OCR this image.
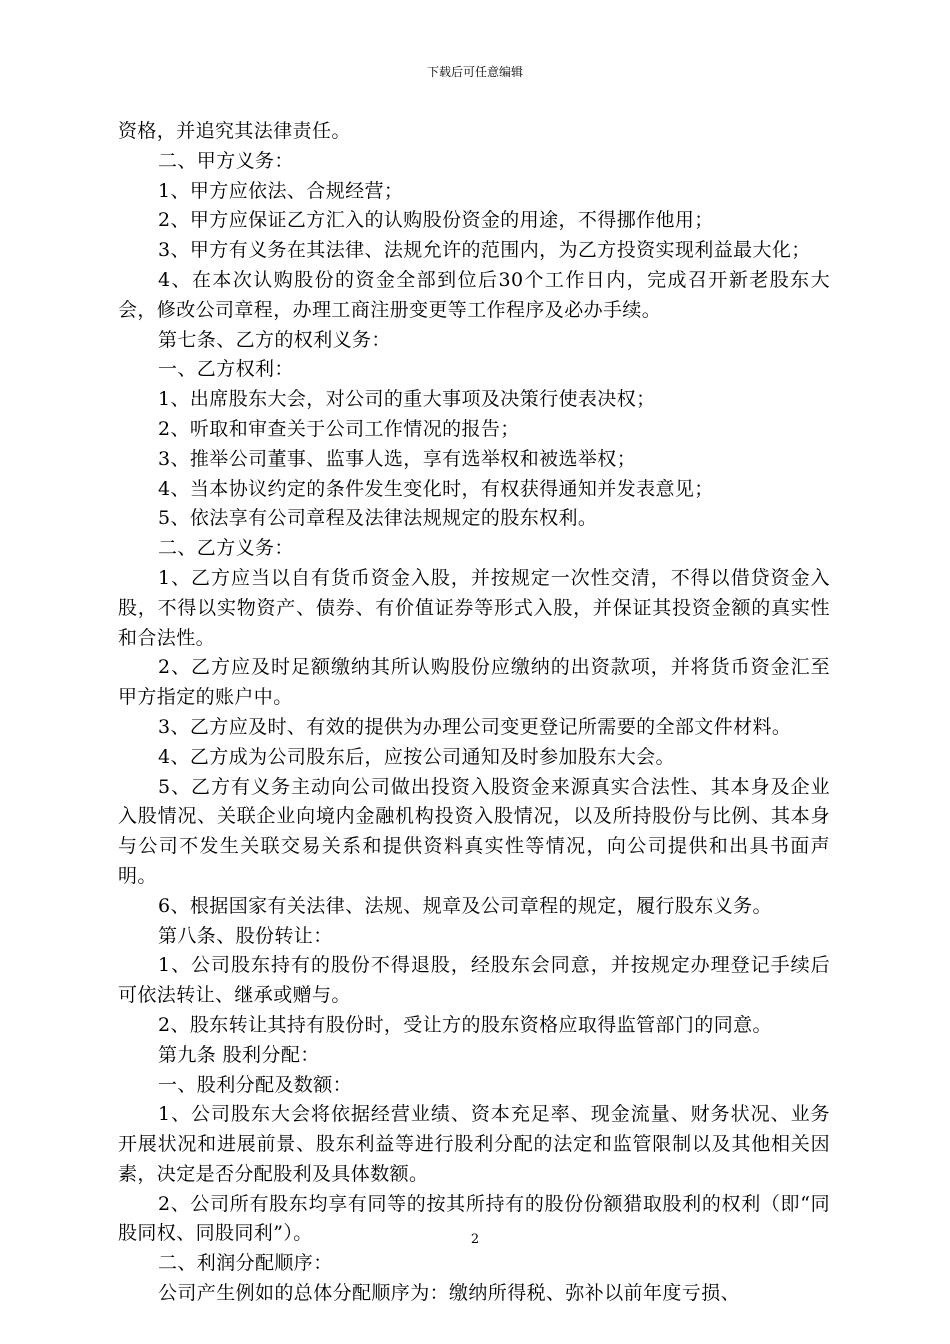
下载后可任意编辑

资格，并追究其法律责任。

二、甲方义务：

1、甲方应依法、合规经营；

2、甲方应保证乙方汇入的认购股份资金的用途，不得挪作他用；

3、甲方有义务在其法律、法规允许的范围内，为乙方投资实现利益最大化；

4、在本次认购股份的资金全部到位后30个工作日内，完成召开新老股东大会，修改公司章程，办理工商注册变更等工作程序及必办手续。

第七条、乙方的权利义务：

一、乙方权利：

1、出席股东大会，对公司的重大事项及决策行使表决权；

2、听取和审查关于公司工作情况的报告；

3、推举公司董事、监事人选，享有选举权和被选举权；

4、当本协议约定的条件发生变化时，有权获得通知并发表意见；

5、依法享有公司章程及法律法规规定的股东权利。

二、乙方义务：

1、乙方应当以自有货币资金入股，并按规定一次性交清，不得以借贷资金入股，不得以实物资产、债券、有价值证券等形式入股，并保证其投资金额的真实性和合法性。

2、乙方应及时足额缴纳其所认购股份应缴纳的出资款项，并将货币资金汇至甲方指定的账户中。

3、乙方应及时、有效的提供为办理公司变更登记所需要的全部文件材料。

4、乙方成为公司股东后，应按公司通知及时参加股东大会。

5、乙方有义务主动向公司做出投资入股资金来源真实合法性、其本身及企业入股情况、关联企业向境内金融机构投资入股情况，以及所持股份与比例、其本身与公司不发生关联交易关系和提供资料真实性等情况，向公司提供和出具书面声明。

6、根据国家有关法律、法规、规章及公司章程的规定，履行股东义务。

第八条、股份转让：

1、公司股东持有的股份不得退股，经股东会同意，并按规定办理登记手续后可依法转让、继承或赠与。

2、股东转让其持有股份时，受让方的股东资格应取得监管部门的同意。

第九条 股利分配：

一、股利分配及数额：

1、公司股东大会将依据经营业绩、资本充足率、现金流量、财务状况、业务开展状况和进展前景、股东利益等进行股利分配的法定和监管限制以及其他相关因素，决定是否分配股利及具体数额。

2、公司所有股东均享有同等的按其所持有的股份份额猎取股利的权利（即“同股同权、同股同利”）。

二、利润分配顺序：

公司产生例如的总体分配顺序为：缴纳所得税、弥补以前年度亏损、

2
